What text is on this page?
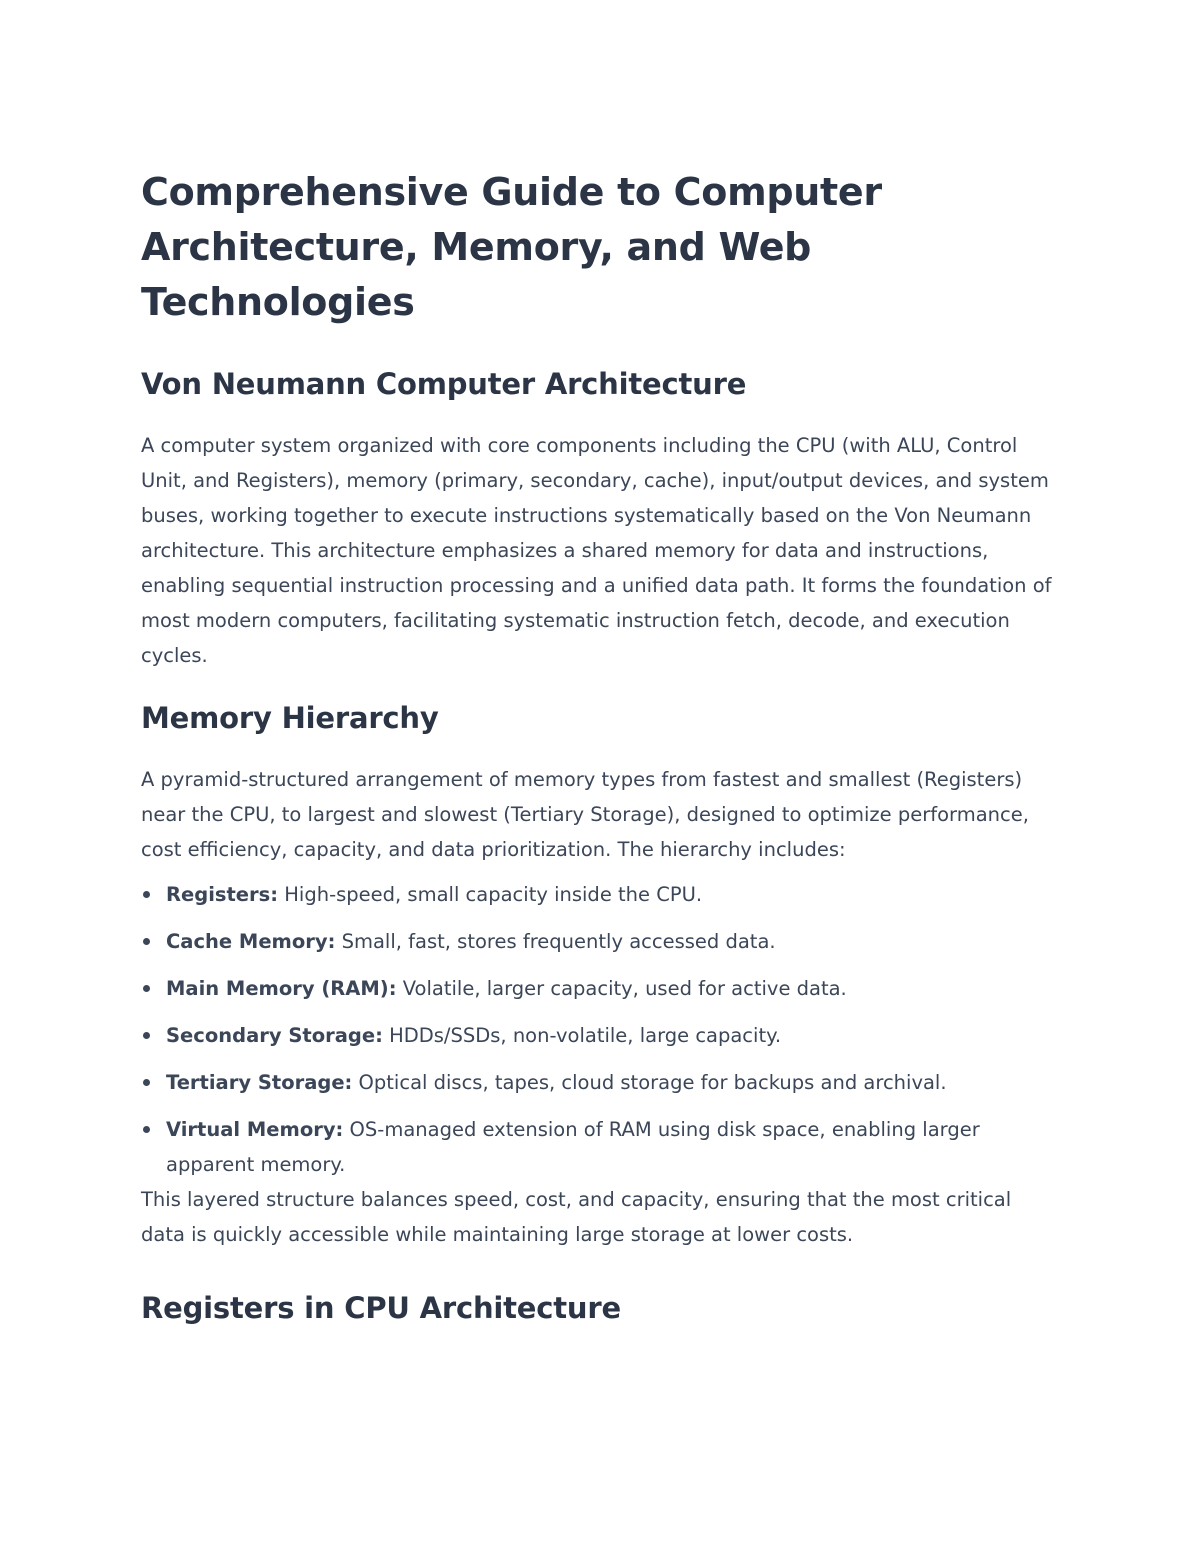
Comprehensive Guide to Computer Architecture, Memory, and Web Technologies
Von Neumann Computer Architecture

A computer system organized with core components including the CPU (with ALU, Control Unit, and Registers), memory (primary, secondary, cache), input/output devices, and system buses, working together to execute instructions systematically based on the Von Neumann architecture. This architecture emphasizes a shared memory for data and instructions, enabling sequential instruction processing and a unified data path. It forms the foundation of most modern computers, facilitating systematic instruction fetch, decode, and execution cycles.

Memory Hierarchy

A pyramid-structured arrangement of memory types from fastest and smallest (Registers) near the CPU, to largest and slowest (Tertiary Storage), designed to optimize performance, cost efficiency, capacity, and data prioritization. The hierarchy includes:

Registers: High-speed, small capacity inside the CPU.
Cache Memory: Small, fast, stores frequently accessed data.
Main Memory (RAM): Volatile, larger capacity, used for active data.
Secondary Storage: HDDs/SSDs, non-volatile, large capacity.
Tertiary Storage: Optical discs, tapes, cloud storage for backups and archival.
Virtual Memory: OS-managed extension of RAM using disk space, enabling larger apparent memory.

This layered structure balances speed, cost, and capacity, ensuring that the most critical data is quickly accessible while maintaining large storage at lower costs.

Registers in CPU Architecture
